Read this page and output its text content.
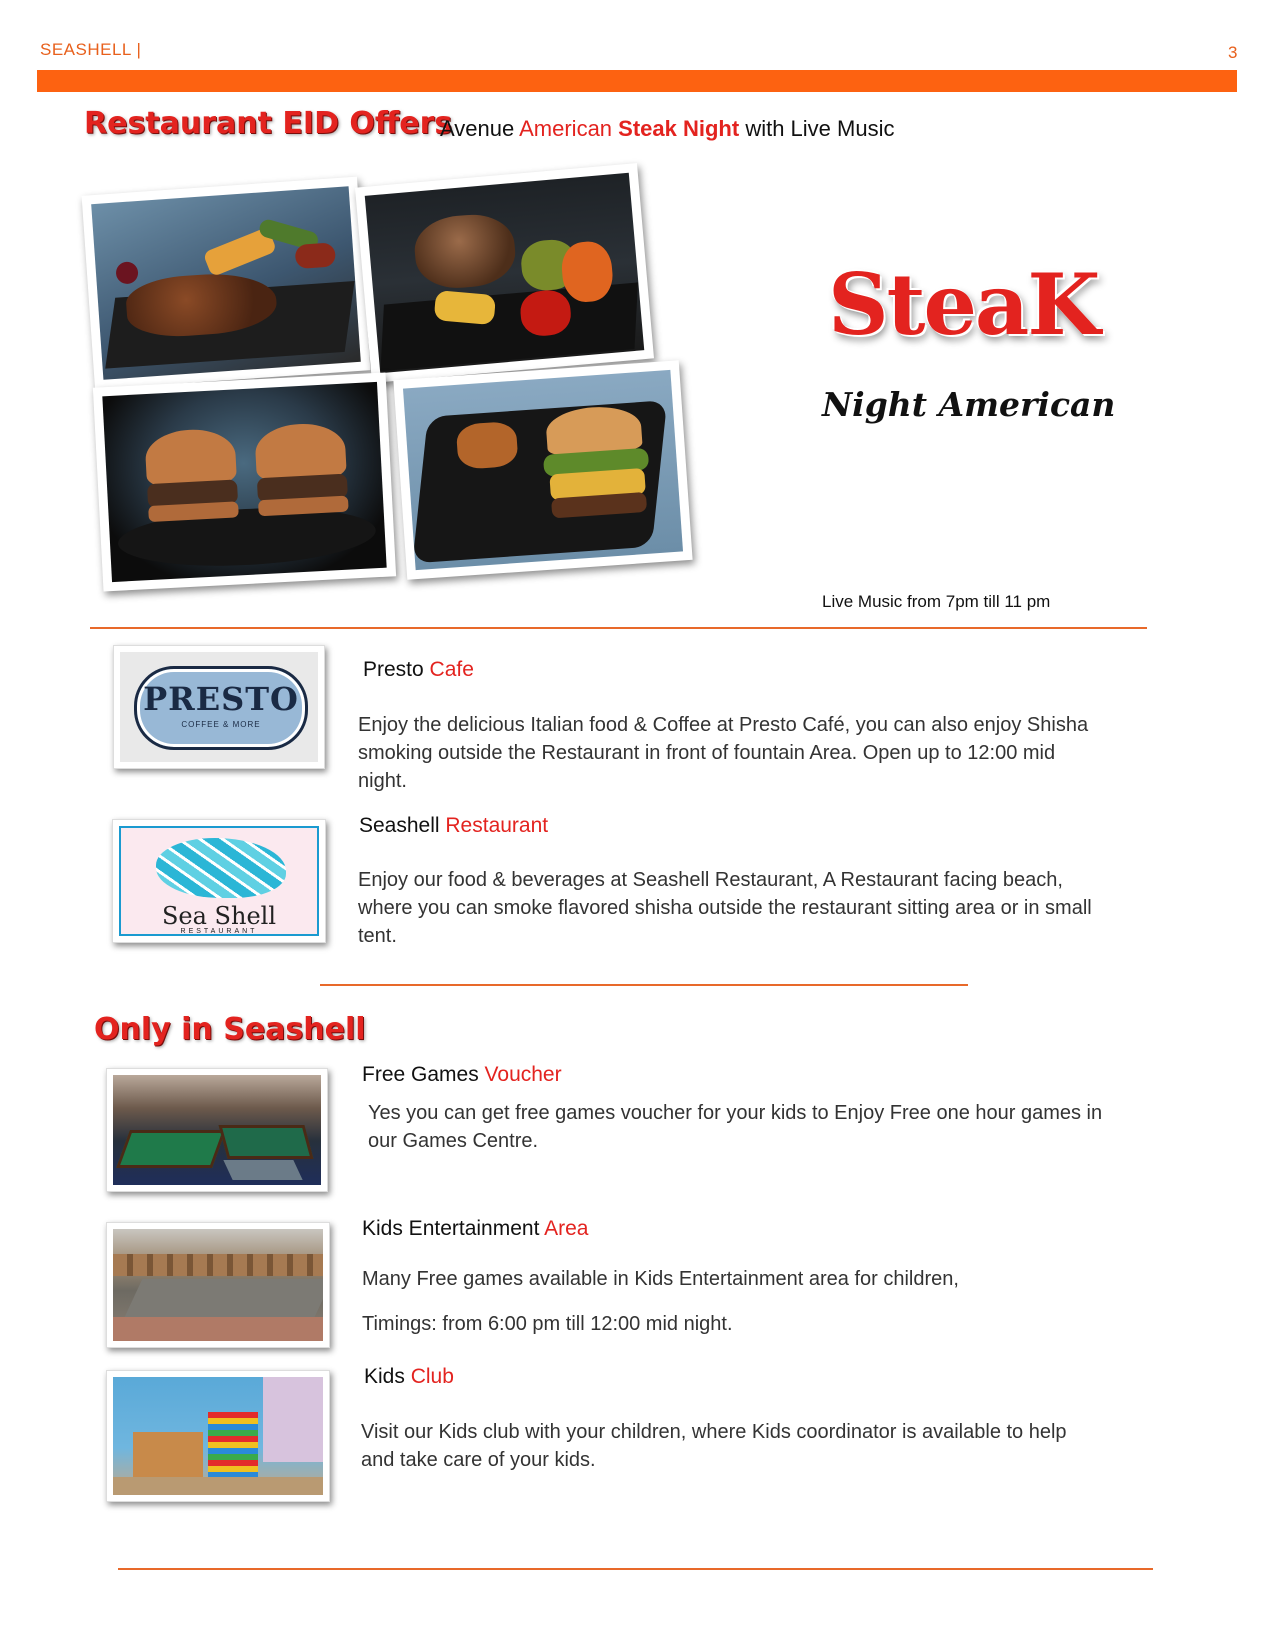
SEASHELL |	3
Restaurant EID Offers
Avenue American Steak Night with Live Music
SteaK
Night American
Live Music from 7pm till 11 pm
PRESTO
COFFEE & MORE
Presto Cafe
Enjoy the delicious Italian food & Coffee at Presto Café, you can also enjoy Shisha smoking outside the Restaurant in front of fountain Area. Open up to 12:00 mid night.
Sea Shell
RESTAURANT
Seashell Restaurant
Enjoy our food & beverages at Seashell Restaurant, A Restaurant facing beach, where you can smoke flavored shisha outside the restaurant sitting area or in small tent.
Only in Seashell
Free Games Voucher
Yes you can get free games voucher for your kids to Enjoy Free one hour games in our Games Centre.
Kids Entertainment Area
Many Free games available in Kids Entertainment area for children,
Timings: from 6:00 pm till 12:00 mid night.
Kids Club
Visit our Kids club with your children, where Kids coordinator is available to help and take care of your kids.
